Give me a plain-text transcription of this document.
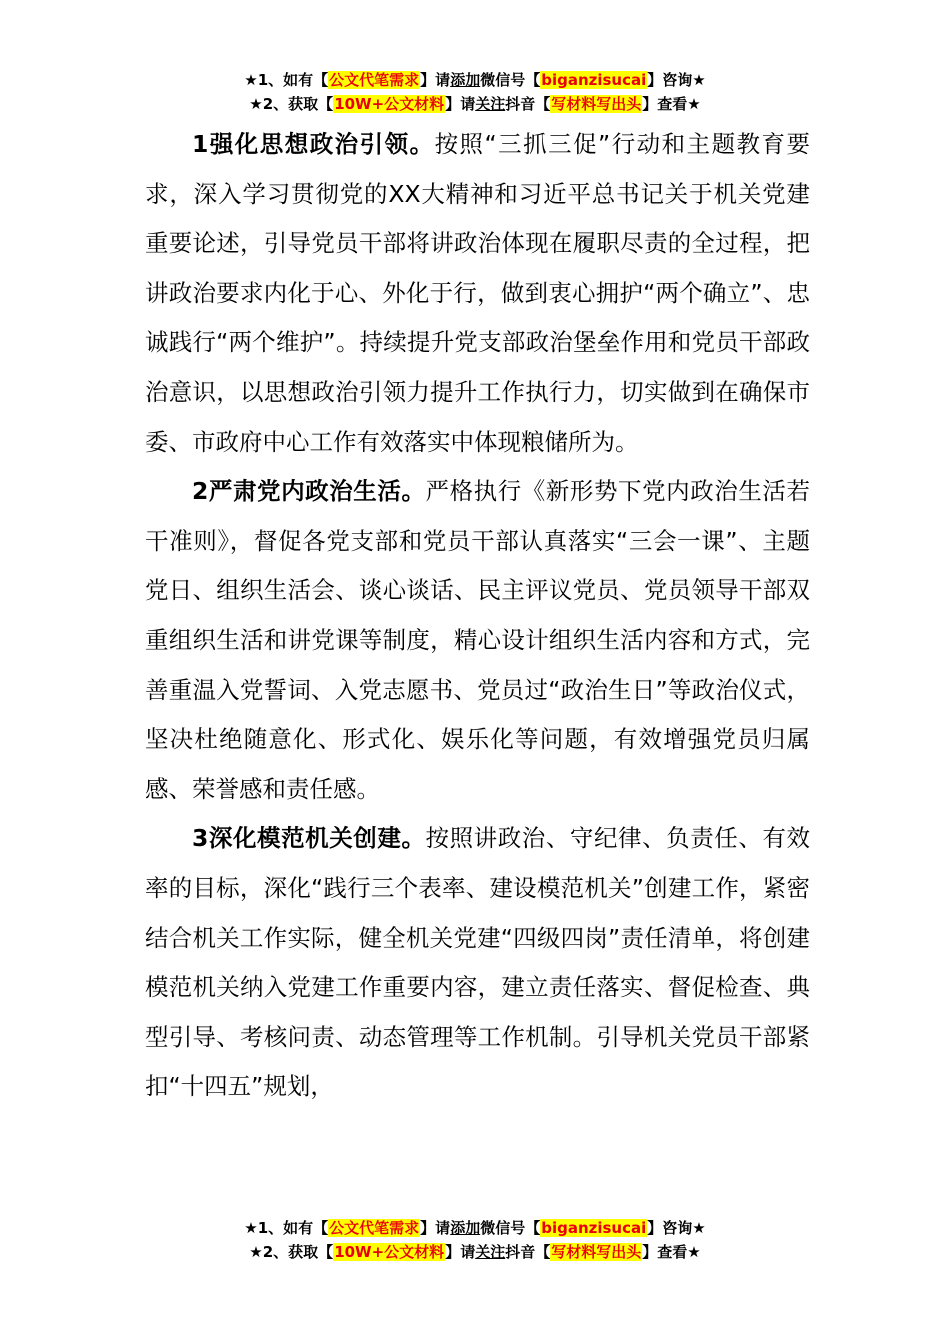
★1、如有【公文代笔需求】请添加微信号【biganzisucai】咨询★
★2、获取【10W+公文材料】请关注抖音【写材料写出头】查看★

1强化思想政治引领。按照“三抓三促”行动和主题教育要求，深入学习贯彻党的XX大精神和习近平总书记关于机关党建重要论述，引导党员干部将讲政治体现在履职尽责的全过程，把讲政治要求内化于心、外化于行，做到衷心拥护“两个确立”、忠诚践行“两个维护”。持续提升党支部政治堡垒作用和党员干部政治意识，以思想政治引领力提升工作执行力，切实做到在确保市委、市政府中心工作有效落实中体现粮储所为。

2严肃党内政治生活。严格执行《新形势下党内政治生活若干准则》，督促各党支部和党员干部认真落实“三会一课”、主题党日、组织生活会、谈心谈话、民主评议党员、党员领导干部双重组织生活和讲党课等制度，精心设计组织生活内容和方式，完善重温入党誓词、入党志愿书、党员过“政治生日”等政治仪式，坚决杜绝随意化、形式化、娱乐化等问题，有效增强党员归属感、荣誉感和责任感。

3深化模范机关创建。按照讲政治、守纪律、负责任、有效率的目标，深化“践行三个表率、建设模范机关”创建工作，紧密结合机关工作实际，健全机关党建“四级四岗”责任清单，将创建模范机关纳入党建工作重要内容，建立责任落实、督促检查、典型引导、考核问责、动态管理等工作机制。引导机关党员干部紧扣“十四五”规划，

★1、如有【公文代笔需求】请添加微信号【biganzisucai】咨询★
★2、获取【10W+公文材料】请关注抖音【写材料写出头】查看★
